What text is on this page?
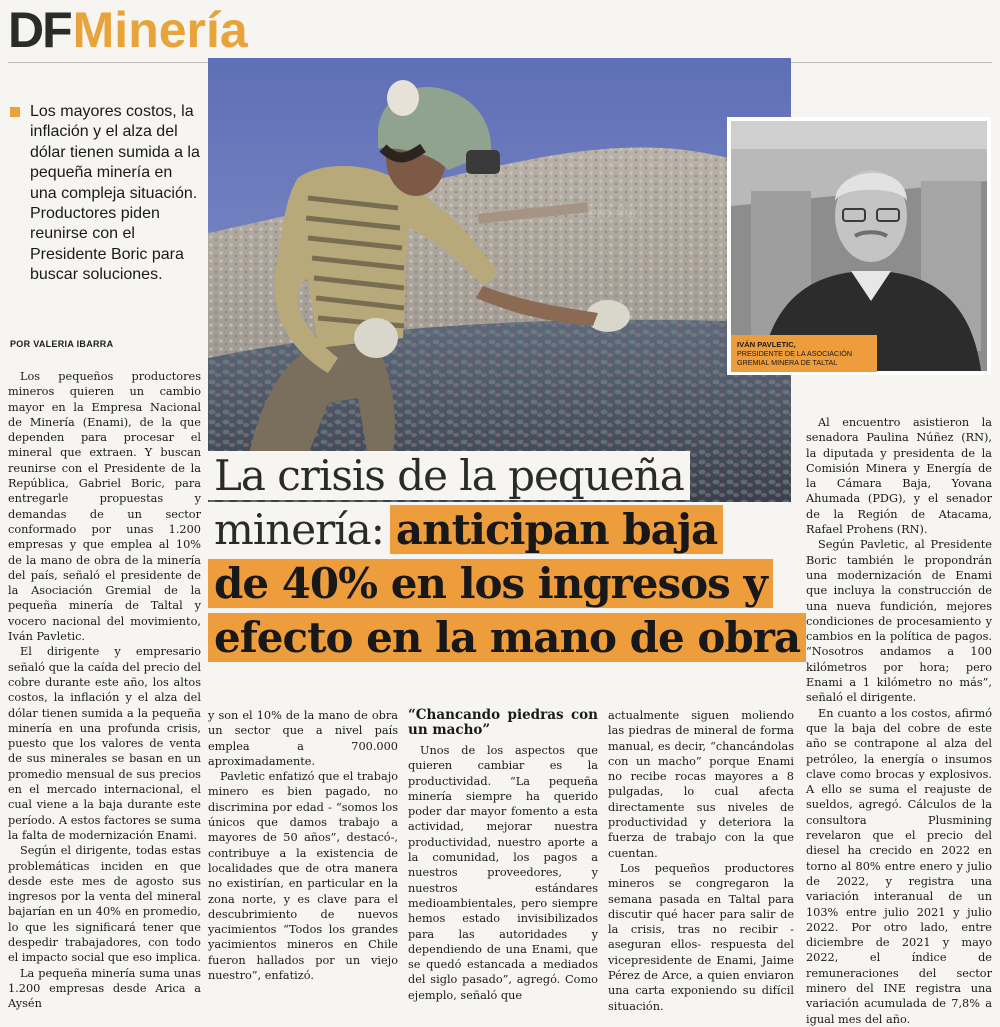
DFMinería
Los mayores costos, la inflación y el alza del dólar tienen sumida a la pequeña minería en una compleja situación. Productores piden reunirse con el Presidente Boric para buscar soluciones.
POR VALERIA IBARRA
ero #la
IVÁN PAVLETIC,
PRESIDENTE DE LA ASOCIACIÓN GREMIAL MINERA DE TALTAL
La crisis de la pequeña
minería: anticipan baja
de 40% en los ingresos y
efecto en la mano de obra

Los pequeños productores mineros quieren un cambio mayor en la Empresa Nacional de Minería (Enami), de la que dependen para procesar el mineral que extraen. Y buscan reunirse con el Presidente de la República, Gabriel Boric, para entregarle propuestas y demandas de un sector conformado por unas 1.200 empresas y que emplea al 10% de la mano de obra de la minería del país, señaló el presidente de la Asociación Gremial de la pequeña minería de Taltal y vocero nacional del movimiento, Iván Pavletic.

El dirigente y empresario señaló que la caída del precio del cobre durante este año, los altos costos, la inflación y el alza del dólar tienen sumida a la pequeña minería en una profunda crisis, puesto que los valores de venta de sus minerales se basan en un promedio mensual de sus precios en el mercado internacional, el cual viene a la baja durante este período. A estos factores se suma la falta de modernización Enami.

Según el dirigente, todas estas problemáticas inciden en que desde este mes de agosto sus ingresos por la venta del mineral bajarían en un 40% en promedio, lo que les significará tener que despedir trabajadores, con todo el impacto social que eso implica.

La pequeña minería suma unas 1.200 empresas desde Arica a Aysén

y son el 10% de la mano de obra un sector que a nivel país emplea a 700.000 aproximadamente.

Pavletic enfatizó que el trabajo minero es bien pagado, no discrimina por edad - “somos los únicos que damos trabajo a mayores de 50 años”, destacó-, contribuye a la existencia de localidades que de otra manera no existirían, en particular en la zona norte, y es clave para el descubrimiento de nuevos yacimientos “Todos los grandes yacimientos mineros en Chile fueron hallados por un viejo nuestro”, enfatizó.

“Chancando piedras con un macho”

Unos de los aspectos que quieren cambiar es la productividad. “La pequeña minería siempre ha querido poder dar mayor fomento a esta actividad, mejorar nuestra productividad, nuestro aporte a la comunidad, los pagos a nuestros proveedores, y nuestros estándares medioambientales, pero siempre hemos estado invisibilizados para las autoridades y dependiendo de una Enami, que se quedó estancada a mediados del siglo pasado”, agregó. Como ejemplo, señaló que

actualmente siguen moliendo las piedras de mineral de forma manual, es decir, “chancándolas con un macho” porque Enami no recibe rocas mayores a 8 pulgadas, lo cual afecta directamente sus niveles de productividad y deteriora la fuerza de trabajo con la que cuentan.

Los pequeños productores mineros se congregaron la semana pasada en Taltal para discutir qué hacer para salir de la crisis, tras no recibir -aseguran ellos- respuesta del vicepresidente de Enami, Jaime Pérez de Arce, a quien enviaron una carta exponiendo su difícil situación.

Al encuentro asistieron la senadora Paulina Núñez (RN), la diputada y presidenta de la Comisión Minera y Energía de la Cámara Baja, Yovana Ahumada (PDG), y el senador de la Región de Atacama, Rafael Prohens (RN).

Según Pavletic, al Presidente Boric también le propondrán una modernización de Enami que incluya la construcción de una nueva fundición, mejores condiciones de procesamiento y cambios en la política de pagos. “Nosotros andamos a 100 kilómetros por hora; pero Enami a 1 kilómetro no más”, señaló el dirigente.

En cuanto a los costos, afirmó que la baja del cobre de este año se contrapone al alza del petróleo, la energía o insumos clave como brocas y explosivos. A ello se suma el reajuste de sueldos, agregó. Cálculos de la consultora Plusmining revelaron que el precio del diesel ha crecido en 2022 en torno al 80% entre enero y julio de 2022, y registra una variación interanual de un 103% entre julio 2021 y julio 2022. Por otro lado, entre diciembre de 2021 y mayo 2022, el índice de remuneraciones del sector minero del INE registra una variación acumulada de 7,8% a igual mes del año.
